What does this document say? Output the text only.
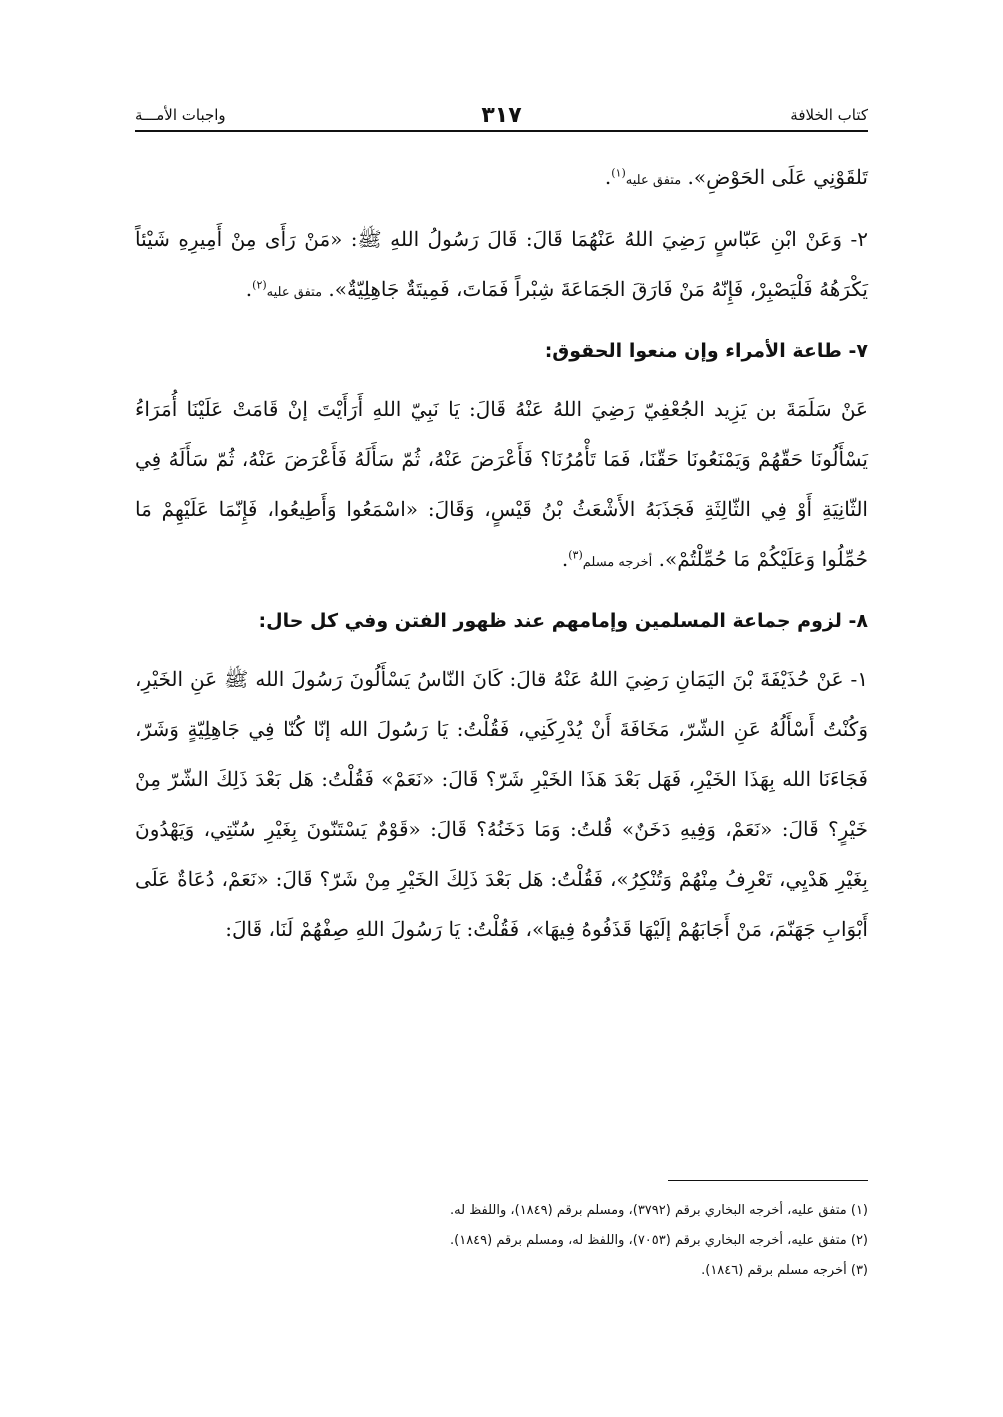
كتاب الخلافة
٣١٧
واجبات الأمـــة

تَلقَوْنِي عَلَى الحَوْضِ». متفق عليه$^{(١)}$.

٢- وَعَنْ ابْنِ عَبّاسٍ رَضِيَ اللهُ عَنْهُمَا قَالَ: قَالَ رَسُولُ اللهِ ﷺ: «مَنْ رَأَى مِنْ أَمِيرِهِ شَيْئاً يَكْرَهُهُ فَلْيَصْبِرْ، فَإِنّهُ مَنْ فَارَقَ الجَمَاعَةَ شِبْراً فَمَاتَ، فَمِيتَةٌ جَاهِلِيّةٌ». متفق عليه$^{(٢)}$.

٧- طاعة الأمراء وإن منعوا الحقوق:

عَنْ سَلَمَةَ بن يَزِيد الجُعْفِيّ رَضِيَ اللهُ عَنْهُ قَالَ: يَا نَبِيّ اللهِ أَرَأَيْتَ إنْ قَامَتْ عَلَيْنَا أُمَرَاءُ يَسْأَلُونَا حَقّهُمْ وَيَمْنَعُونَا حَقّنَا، فَمَا تَأْمُرُنَا؟ فَأَعْرَضَ عَنْهُ، ثُمّ سَأَلَهُ فَأَعْرَضَ عَنْهُ، ثُمّ سَأَلَهُ فِي الثّانِيَةِ أَوْ فِي الثّالِثَةِ فَجَذَبَهُ الأَشْعَثُ بْنُ قَيْسٍ، وَقَالَ: «اسْمَعُوا وَأَطِيعُوا، فَإِنّمَا عَلَيْهِمْ مَا حُمِّلُوا وَعَلَيْكُمْ مَا حُمِّلْتُمْ». أخرجه مسلم$^{(٣)}$.

٨- لزوم جماعة المسلمين وإمامهم عند ظهور الفتن وفي كل حال:

١- عَنْ حُذَيْفَةَ بْنَ اليَمَانِ رَضِيَ اللهُ عَنْهُ قالَ: كَانَ النّاسُ يَسْأَلُونَ رَسُولَ الله ﷺ عَنِ الخَيْرِ، وَكُنْتُ أَسْأَلُهُ عَنِ الشّرّ، مَخَافَةَ أَنْ يُدْرِكَنِي، فَقُلْتُ: يَا رَسُولَ الله إنّا كُنّا فِي جَاهِلِيّةٍ وَشَرّ، فَجَاءَنَا الله بِهَذَا الخَيْرِ، فَهَل بَعْدَ هَذَا الخَيْرِ شَرّ؟ قَالَ: «نَعَمْ» فَقُلْتُ: هَل بَعْدَ ذَلِكَ الشّرّ مِنْ خَيْرٍ؟ قَالَ: «نَعَمْ، وَفِيهِ دَخَنٌ» قُلتُ: وَمَا دَخَنُهُ؟ قَالَ: «قَوْمٌ يَسْتَنّونَ بِغَيْرِ سُنّتِي، وَيَهْدُونَ بِغَيْرِ هَدْيِي، تَعْرِفُ مِنْهُمْ وَتُنْكِرُ»، فَقُلْتُ: هَل بَعْدَ ذَلِكَ الخَيْرِ مِنْ شَرّ؟ قَالَ: «نَعَمْ، دُعَاةٌ عَلَى أَبْوَابِ جَهَنّمَ، مَنْ أَجَابَهُمْ إلَيْهَا قَذَفُوهُ فِيهَا»، فَقُلْتُ: يَا رَسُولَ اللهِ صِفْهُمْ لَنَا، قَالَ:

(١) متفق عليه، أخرجه البخاري برقم (٣٧٩٢)، ومسلم برقم (١٨٤٩)، واللفظ له.

(٢) متفق عليه، أخرجه البخاري برقم (٧٠٥٣)، واللفظ له، ومسلم برقم (١٨٤٩).

(٣) أخرجه مسلم برقم (١٨٤٦).
